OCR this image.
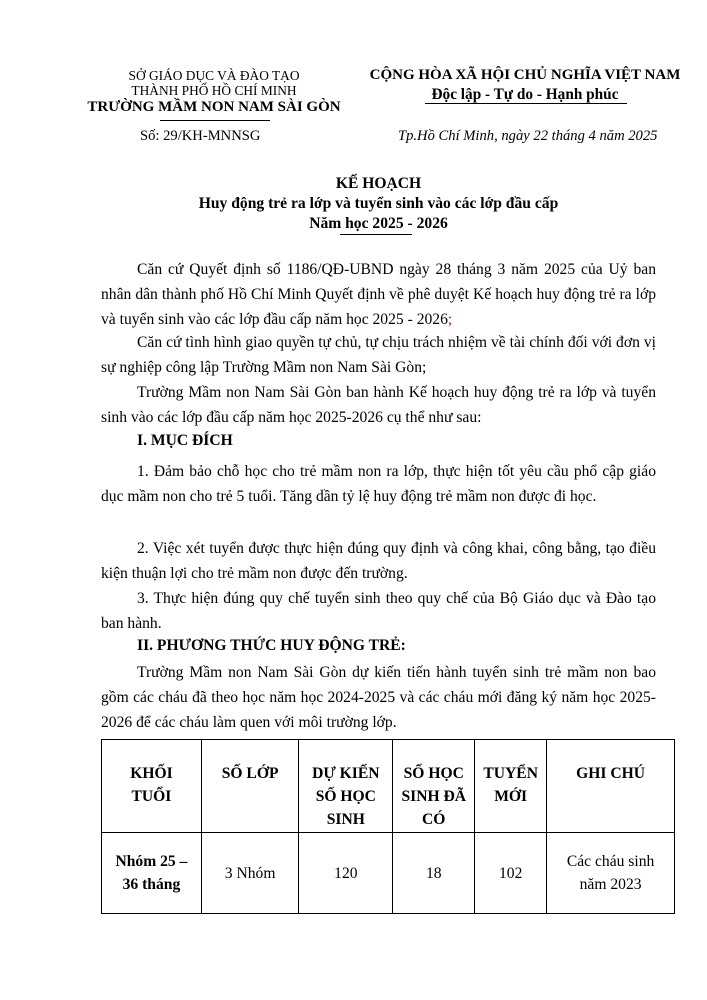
SỞ GIÁO DỤC VÀ ĐÀO TẠO
THÀNH PHỐ HỒ CHÍ MINH
TRƯỜNG MẦM NON NAM SÀI GÒN
Số: 29/KH-MNNSG
CỘNG HÒA XÃ HỘI CHỦ NGHĨA VIỆT NAM
Độc lập - Tự do - Hạnh phúc
Tp.Hồ Chí Minh, ngày 22 tháng 4 năm 2025
KẾ HOẠCH
Huy động trẻ ra lớp và tuyển sinh vào các lớp đầu cấp
Năm học 2025 - 2026
Căn cứ Quyết định số 1186/QĐ-UBND ngày 28 tháng 3 năm 2025 của Uỷ ban nhân dân thành phố Hồ Chí Minh Quyết định về phê duyệt Kế hoạch huy động trẻ ra lớp và tuyển sinh vào các lớp đầu cấp năm học 2025 - 2026;
Căn cứ tình hình giao quyền tự chủ, tự chịu trách nhiệm về tài chính đối với đơn vị sự nghiệp công lập Trường Mầm non Nam Sài Gòn;
Trường Mầm non Nam Sài Gòn ban hành Kế hoạch huy động trẻ ra lớp và tuyển sinh vào các lớp đầu cấp năm học 2025-2026 cụ thể như sau:
I. MỤC ĐÍCH
1. Đảm bảo chỗ học cho trẻ mầm non ra lớp, thực hiện tốt yêu cầu phổ cập giáo dục mầm non cho trẻ 5 tuổi. Tăng dần tỷ lệ huy động trẻ mầm non được đi học.
2. Việc xét tuyển được thực hiện đúng quy định và công khai, công bằng, tạo điều kiện thuận lợi cho trẻ mầm non được đến trường.
3. Thực hiện đúng quy chế tuyển sinh theo quy chế của Bộ Giáo dục và Đào tạo ban hành.
II. PHƯƠNG THỨC HUY ĐỘNG TRẺ:
Trường Mầm non Nam Sài Gòn dự kiến tiến hành tuyển sinh trẻ mầm non bao gồm các cháu đã theo học năm học 2024-2025 và các cháu mới đăng ký năm học 2025-2026 để các cháu làm quen với môi trường lớp.
KHỐI TUỔI	SỐ LỚP	DỰ KIẾN SỐ HỌC SINH	SỐ HỌC SINH ĐÃ CÓ	TUYỂN MỚI	GHI CHÚ

Nhóm 25 – 36 tháng	3 Nhóm	120	18	102	Các cháu sinh năm 2023
